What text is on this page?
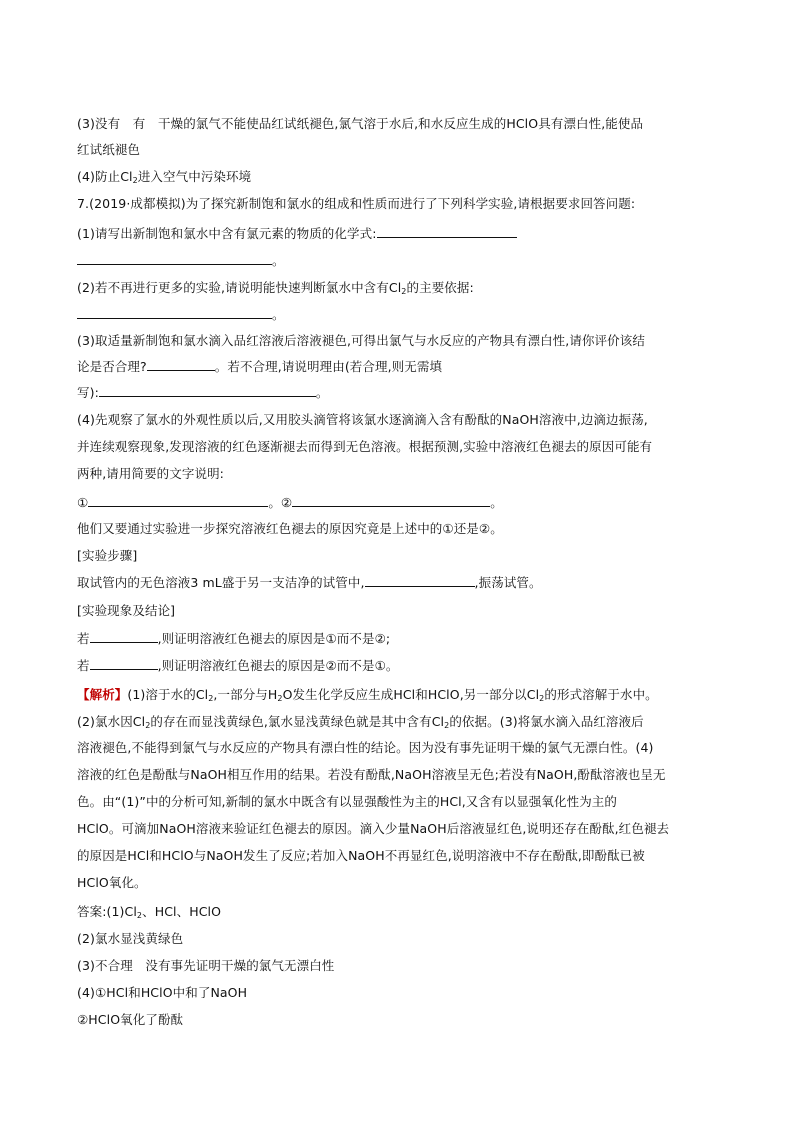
(3)没有　有　干燥的氯气不能使品红试纸褪色,氯气溶于水后,和水反应生成的HClO具有漂白性,能使品
红试纸褪色
(4)防止$Cl_2$进入空气中污染环境
7.(2019·成都模拟)为了探究新制饱和氯水的组成和性质而进行了下列科学实验,请根据要求回答问题:
(1)请写出新制饱和氯水中含有氯元素的物质的化学式:
。
(2)若不再进行更多的实验,请说明能快速判断氯水中含有$Cl_2$的主要依据:
。
(3)取适量新制饱和氯水滴入品红溶液后溶液褪色,可得出氯气与水反应的产物具有漂白性,请你评价该结
论是否合理?	。若不合理,请说明理由(若合理,则无需填
写):	。
(4)先观察了氯水的外观性质以后,又用胶头滴管将该氯水逐滴滴入含有酚酞的NaOH溶液中,边滴边振荡,
并连续观察现象,发现溶液的红色逐渐褪去而得到无色溶液。根据预测,实验中溶液红色褪去的原因可能有
两种,请用简要的文字说明:
①	。②	。
他们又要通过实验进一步探究溶液红色褪去的原因究竟是上述中的①还是②。
[实验步骤]
取试管内的无色溶液3 mL盛于另一支洁净的试管中,	,振荡试管。
[实验现象及结论]
若	,则证明溶液红色褪去的原因是①而不是②;
若	,则证明溶液红色褪去的原因是②而不是①。
【解析】(1)溶于水的$Cl_2$,一部分与$H_2O$发生化学反应生成HCl和HClO,另一部分以$Cl_2$的形式溶解于水中。
(2)氯水因$Cl_2$的存在而显浅黄绿色,氯水显浅黄绿色就是其中含有$Cl_2$的依据。(3)将氯水滴入品红溶液后
溶液褪色,不能得到氯气与水反应的产物具有漂白性的结论。因为没有事先证明干燥的氯气无漂白性。(4)
溶液的红色是酚酞与NaOH相互作用的结果。若没有酚酞,NaOH溶液呈无色;若没有NaOH,酚酞溶液也呈无
色。由“(1)”中的分析可知,新制的氯水中既含有以显强酸性为主的HCl,又含有以显强氧化性为主的
HClO。可滴加NaOH溶液来验证红色褪去的原因。滴入少量NaOH后溶液显红色,说明还存在酚酞,红色褪去
的原因是HCl和HClO与NaOH发生了反应;若加入NaOH不再显红色,说明溶液中不存在酚酞,即酚酞已被
HClO氧化。
答案$:(1)Cl_2$、HCl、HClO
(2)氯水显浅黄绿色
(3)不合理　没有事先证明干燥的氯气无漂白性
(4)①HCl和HClO中和了NaOH
②HClO氧化了酚酞
